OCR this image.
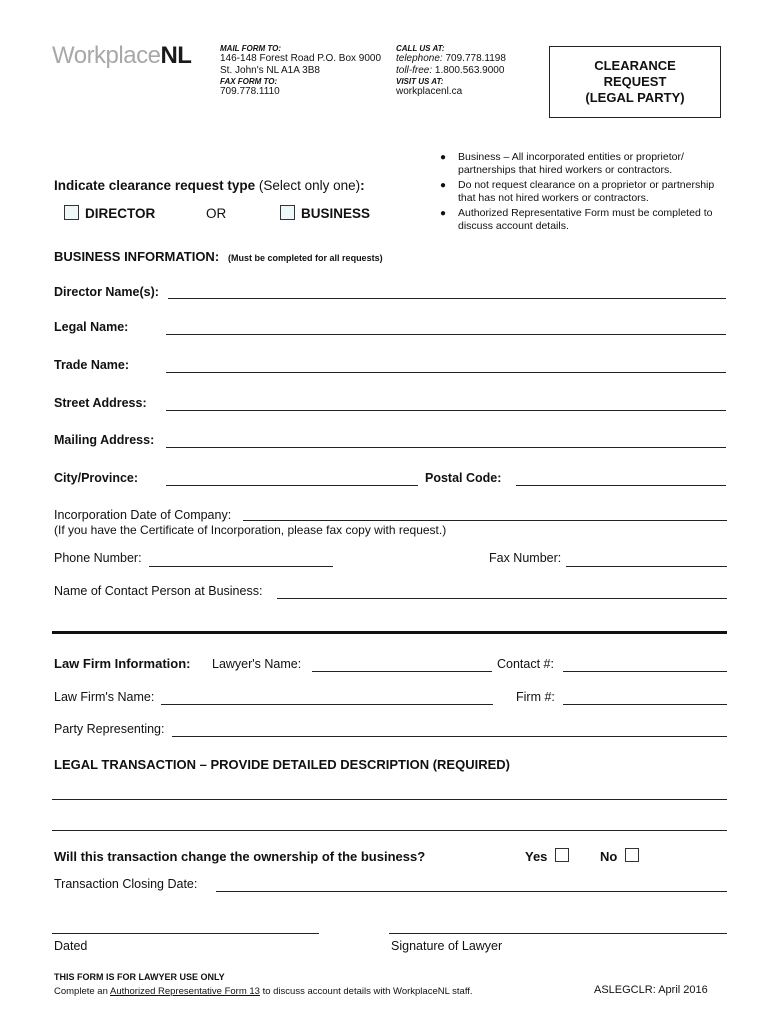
WorkplaceNL	MAIL FORM TO:
146-148 Forest Road P.O. Box 9000
St. John's NL A1A 3B8
FAX FORM TO:
709.778.1110
CALL US AT:
telephone: 709.778.1198
toll-free: 1.800.563.9000
VISIT US AT:
workplacenl.ca
CLEARANCE
REQUEST
(LEGAL PARTY)
● Business – All incorporated entities or proprietor/ partnerships that hired workers or contractors.
● Do not request clearance on a proprietor or partnership that has not hired workers or contractors.
● Authorized Representative Form must be completed to discuss account details.
Indicate clearance request type (Select only one):
DIRECTOR	OR	BUSINESS
BUSINESS INFORMATION: (Must be completed for all requests)
Director Name(s):
Legal Name:
Trade Name:
Street Address:
Mailing Address:
City/Province:	Postal Code:
Incorporation Date of Company:
(If you have the Certificate of Incorporation, please fax copy with request.)
Phone Number:	Fax Number:
Name of Contact Person at Business:
Law Firm Information: Lawyer's Name:	Contact #:
Law Firm's Name:	Firm #:
Party Representing:
LEGAL TRANSACTION – PROVIDE DETAILED DESCRIPTION (REQUIRED)
Will this transaction change the ownership of the business?	Yes	No
Transaction Closing Date:
Dated	Signature of Lawyer
THIS FORM IS FOR LAWYER USE ONLY
Complete an Authorized Representative Form 13 to discuss account details with WorkplaceNL staff.	ASLEGCLR: April 2016
